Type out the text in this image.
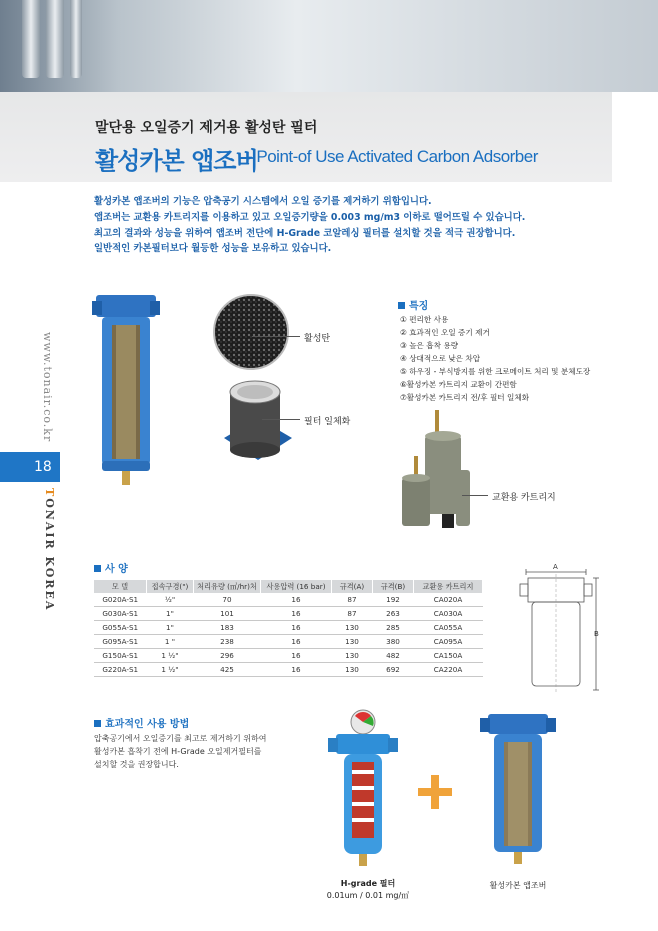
말단용 오일증기 제거용 활성탄 필터
활성카본 앱조버
- Point-of Use Activated Carbon Adsorber
www.tonair.co.kr
18
TONAIR KOREA
활성카본 앱조버의 기능은 압축공기 시스템에서 오일 증기를 제거하기 위함입니다.
앱조버는 교환용 카트리지를 이용하고 있고 오일증기량을 0.003 mg/m3 이하로 떨어뜨릴 수 있습니다.
최고의 결과와 성능을 위하여 앱조버 전단에 H-Grade 코알레싱 필터를 설치할 것을 적극 권장합니다.
일반적인 카본필터보다 월등한 성능을 보유하고 있습니다.
활성탄
필터 일체화
특징
① 편리한 사용
② 효과적인 오일 증기 제거
③ 높은 흡착 용량
④ 상대적으로 낮은 차압
⑤ 하우징 - 부식방지를 위한 크로메이트 처리 및 분체도장
⑥활성카본 카트리지 교환이 간편함
⑦활성카본 카트리지 전/후 필터 일체화
교환용 카트리지
사 양
모 델	접속구경(")	처리유량 (㎥/hr)처	사용압력 (16 bar)	규격(A)	규격(B)	교환용 카트리지
G020A-S1	½"	70	16	87	192	CA020A
G030A-S1	1"	101	16	87	263	CA030A
G055A-S1	1"	183	16	130	285	CA055A
G095A-S1	1 "	238	16	130	380	CA095A
G150A-S1	1 ½"	296	16	130	482	CA150A
G220A-S1	1 ½"	425	16	130	692	CA220A
A
B
효과적인 사용 방법
압축공기에서 오일증기를 최고로 제거하기 위하여
활성카본 흡착기 전에 H-Grade 오일제거필터를
설치할 것을 권장합니다.
H-grade 필터
0.01um / 0.01 mg/㎥
활성카본 앱조버
